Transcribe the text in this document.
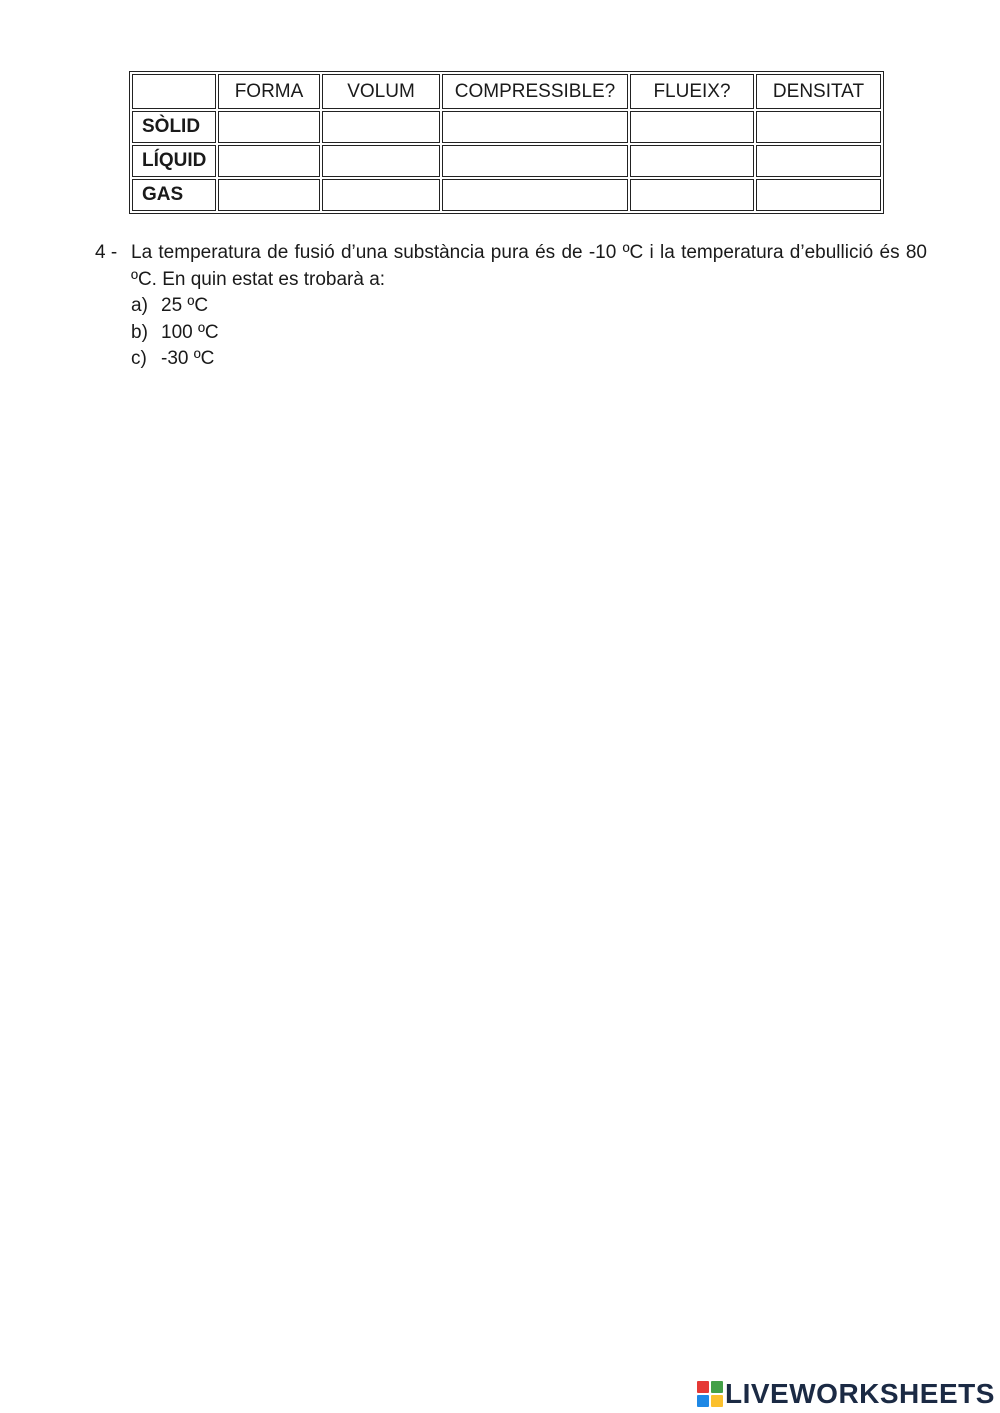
	FORMA	VOLUM	COMPRESSIBLE?	FLUEIX?	DENSITAT
SÒLID					
LÍQUID					
GAS					
4 - La temperatura de fusió d’una substància pura és de -10 ºC i la temperatura d’ebullició és 80 ºC. En quin estat es trobarà a:
a) 25 ºC
b) 100 ºC
c) -30 ºC
LIVEWORKSHEETS
